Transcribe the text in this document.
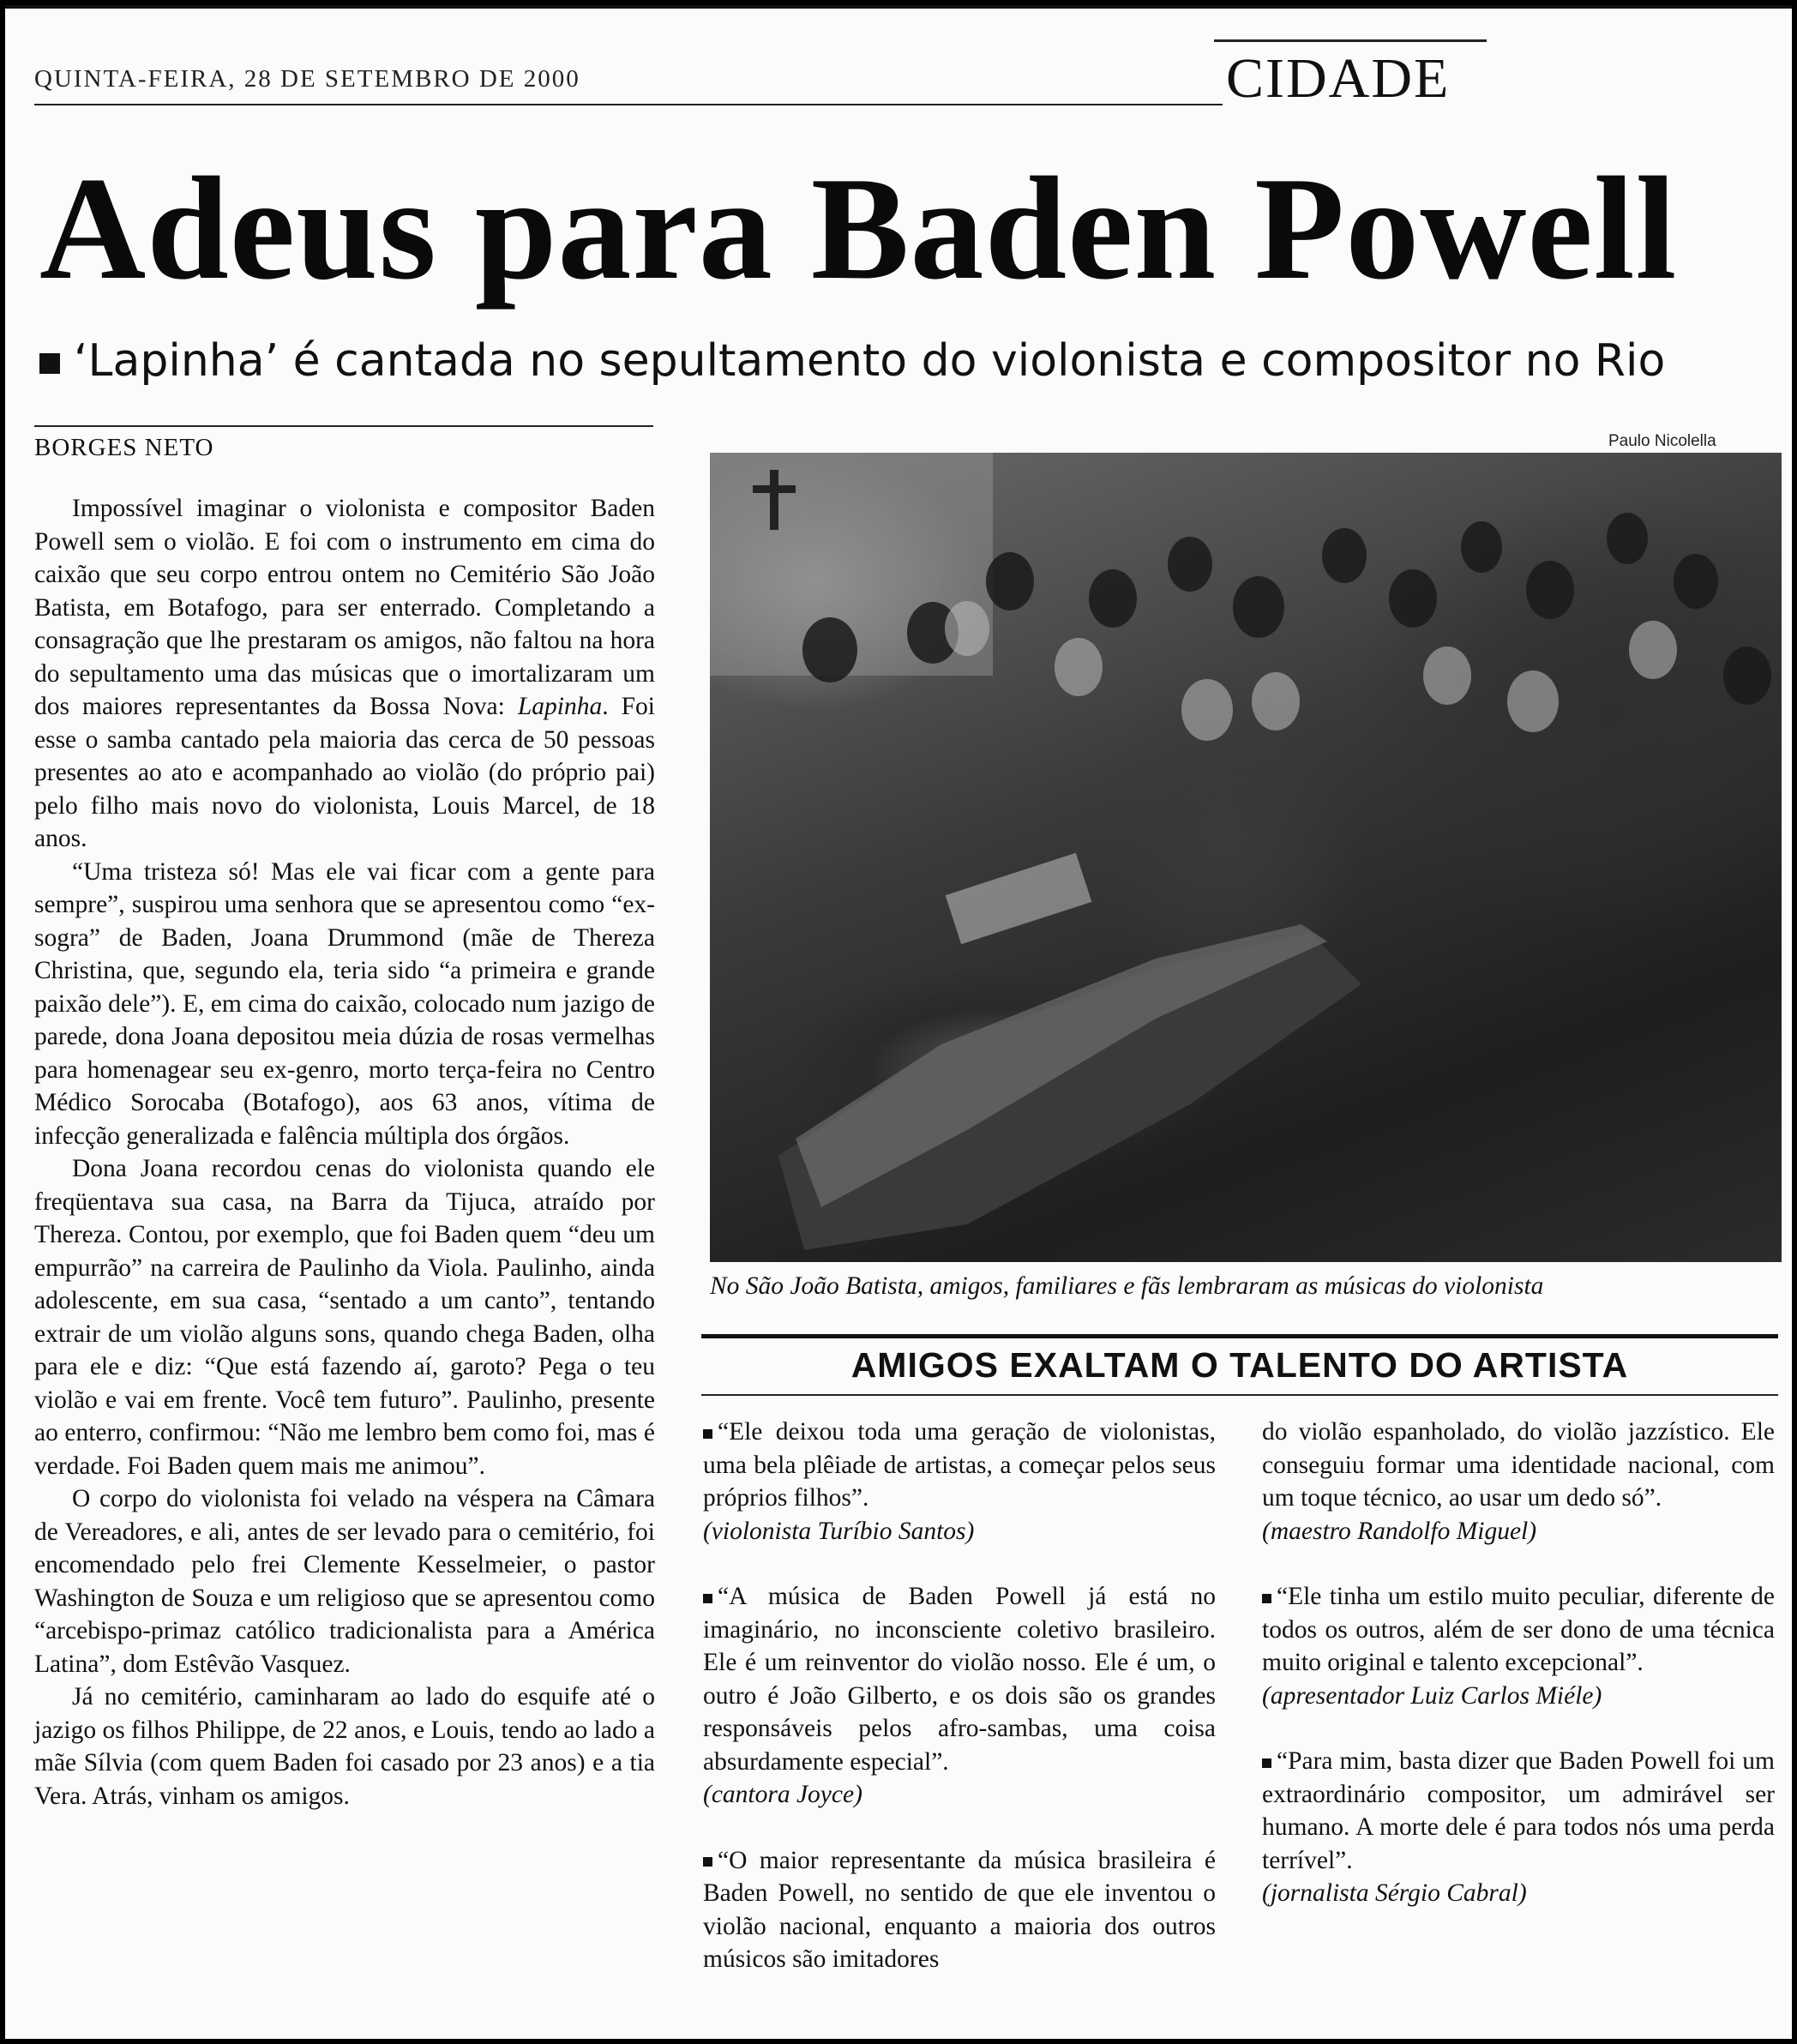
QUINTA-FEIRA, 28 DE SETEMBRO DE 2000	CIDADE
Adeus para Baden Powell
‘Lapinha’ é cantada no sepultamento do violonista e compositor no Rio
BORGES NETO	Paulo Nicolella

Impossível imaginar o violonista e compositor Baden Powell sem o violão. E foi com o instrumento em cima do caixão que seu corpo entrou ontem no Cemitério São João Batista, em Botafogo, para ser enterrado. Completando a consagração que lhe prestaram os amigos, não faltou na hora do sepultamento uma das músicas que o imortalizaram um dos maiores representantes da Bossa Nova: Lapinha. Foi esse o samba cantado pela maioria das cerca de 50 pessoas presentes ao ato e acompanhado ao violão (do próprio pai) pelo filho mais novo do violonista, Louis Marcel, de 18 anos.

“Uma tristeza só! Mas ele vai ficar com a gente para sempre”, suspirou uma senhora que se apresentou como “ex-sogra” de Baden, Joana Drummond (mãe de Thereza Christina, que, segundo ela, teria sido “a primeira e grande paixão dele”). E, em cima do caixão, colocado num jazigo de parede, dona Joana depositou meia dúzia de rosas vermelhas para homenagear seu ex-genro, morto terça-feira no Centro Médico Sorocaba (Botafogo), aos 63 anos, vítima de infecção generalizada e falência múltipla dos órgãos.

Dona Joana recordou cenas do violonista quando ele freqüentava sua casa, na Barra da Tijuca, atraído por Thereza. Contou, por exemplo, que foi Baden quem “deu um empurrão” na carreira de Paulinho da Viola. Paulinho, ainda adolescente, em sua casa, “sentado a um canto”, tentando extrair de um violão alguns sons, quando chega Baden, olha para ele e diz: “Que está fazendo aí, garoto? Pega o teu violão e vai em frente. Você tem futuro”. Paulinho, presente ao enterro, confirmou: “Não me lembro bem como foi, mas é verdade. Foi Baden quem mais me animou”.

O corpo do violonista foi velado na véspera na Câmara de Vereadores, e ali, antes de ser levado para o cemitério, foi encomendado pelo frei Clemente Kesselmeier, o pastor Washington de Souza e um religioso que se apresentou como “arcebispo-primaz católico tradicionalista para a América Latina”, dom Estêvão Vasquez.

Já no cemitério, caminharam ao lado do esquife até o jazigo os filhos Philippe, de 22 anos, e Louis, tendo ao lado a mãe Sílvia (com quem Baden foi casado por 23 anos) e a tia Vera. Atrás, vinham os amigos.

No São João Batista, amigos, familiares e fãs lembraram as músicas do violonista
AMIGOS EXALTAM O TALENTO DO ARTISTA

“Ele deixou toda uma geração de violonistas, uma bela plêiade de artistas, a começar pelos seus próprios filhos”.
(violonista Turíbio Santos)

“A música de Baden Powell já está no imaginário, no inconsciente coletivo brasileiro. Ele é um reinventor do violão nosso. Ele é um, o outro é João Gilberto, e os dois são os grandes responsáveis pelos afro-sambas, uma coisa absurdamente especial”.
(cantora Joyce)

“O maior representante da música brasileira é Baden Powell, no sentido de que ele inventou o violão nacional, enquanto a maioria dos outros músicos são imitadores

do violão espanholado, do violão jazzístico. Ele conseguiu formar uma identidade nacional, com um toque técnico, ao usar um dedo só”.
(maestro Randolfo Miguel)

“Ele tinha um estilo muito peculiar, diferente de todos os outros, além de ser dono de uma técnica muito original e talento excepcional”.
(apresentador Luiz Carlos Miéle)

“Para mim, basta dizer que Baden Powell foi um extraordinário compositor, um admirável ser humano. A morte dele é para todos nós uma perda terrível”.
(jornalista Sérgio Cabral)
